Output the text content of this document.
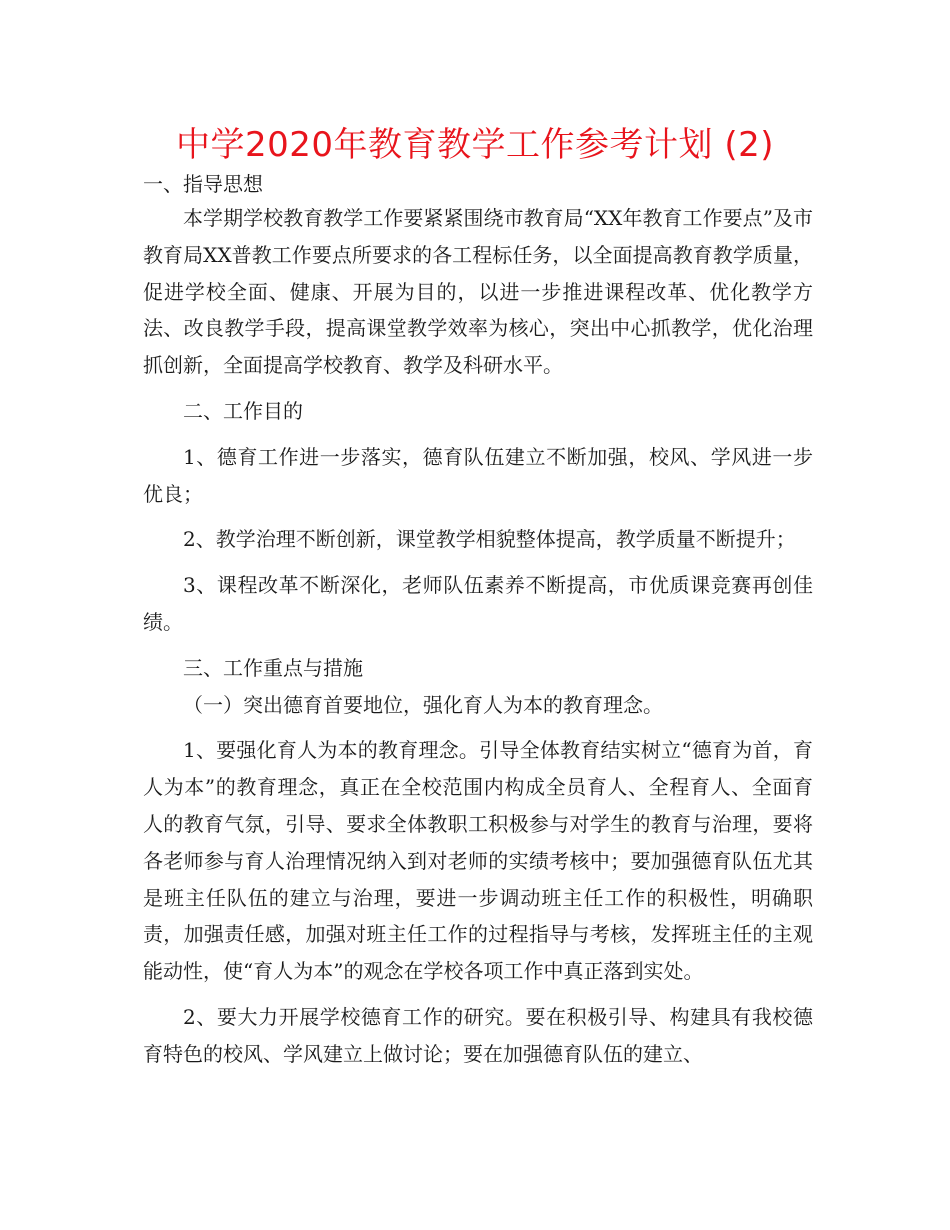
中学2020年教育教学工作参考计划 (2)
一、指导思想

本学期学校教育教学工作要紧紧围绕市教育局“XX年教育工作要点”及市教育局XX普教工作要点所要求的各工程标任务，以全面提高教育教学质量，促进学校全面、健康、开展为目的，以进一步推进课程改革、优化教学方法、改良教学手段，提高课堂教学效率为核心，突出中心抓教学，优化治理抓创新，全面提高学校教育、教学及科研水平。

二、工作目的

1、德育工作进一步落实，德育队伍建立不断加强，校风、学风进一步优良；

2、教学治理不断创新，课堂教学相貌整体提高，教学质量不断提升；

3、课程改革不断深化，老师队伍素养不断提高，市优质课竞赛再创佳绩。

三、工作重点与措施

（一）突出德育首要地位，强化育人为本的教育理念。

1、要强化育人为本的教育理念。引导全体教育结实树立“德育为首，育人为本”的教育理念，真正在全校范围内构成全员育人、全程育人、全面育人的教育气氛，引导、要求全体教职工积极参与对学生的教育与治理，要将各老师参与育人治理情况纳入到对老师的实绩考核中；要加强德育队伍尤其是班主任队伍的建立与治理，要进一步调动班主任工作的积极性，明确职责，加强责任感，加强对班主任工作的过程指导与考核，发挥班主任的主观能动性，使“育人为本”的观念在学校各项工作中真正落到实处。

2、要大力开展学校德育工作的研究。要在积极引导、构建具有我校德育特色的校风、学风建立上做讨论；要在加强德育队伍的建立、
